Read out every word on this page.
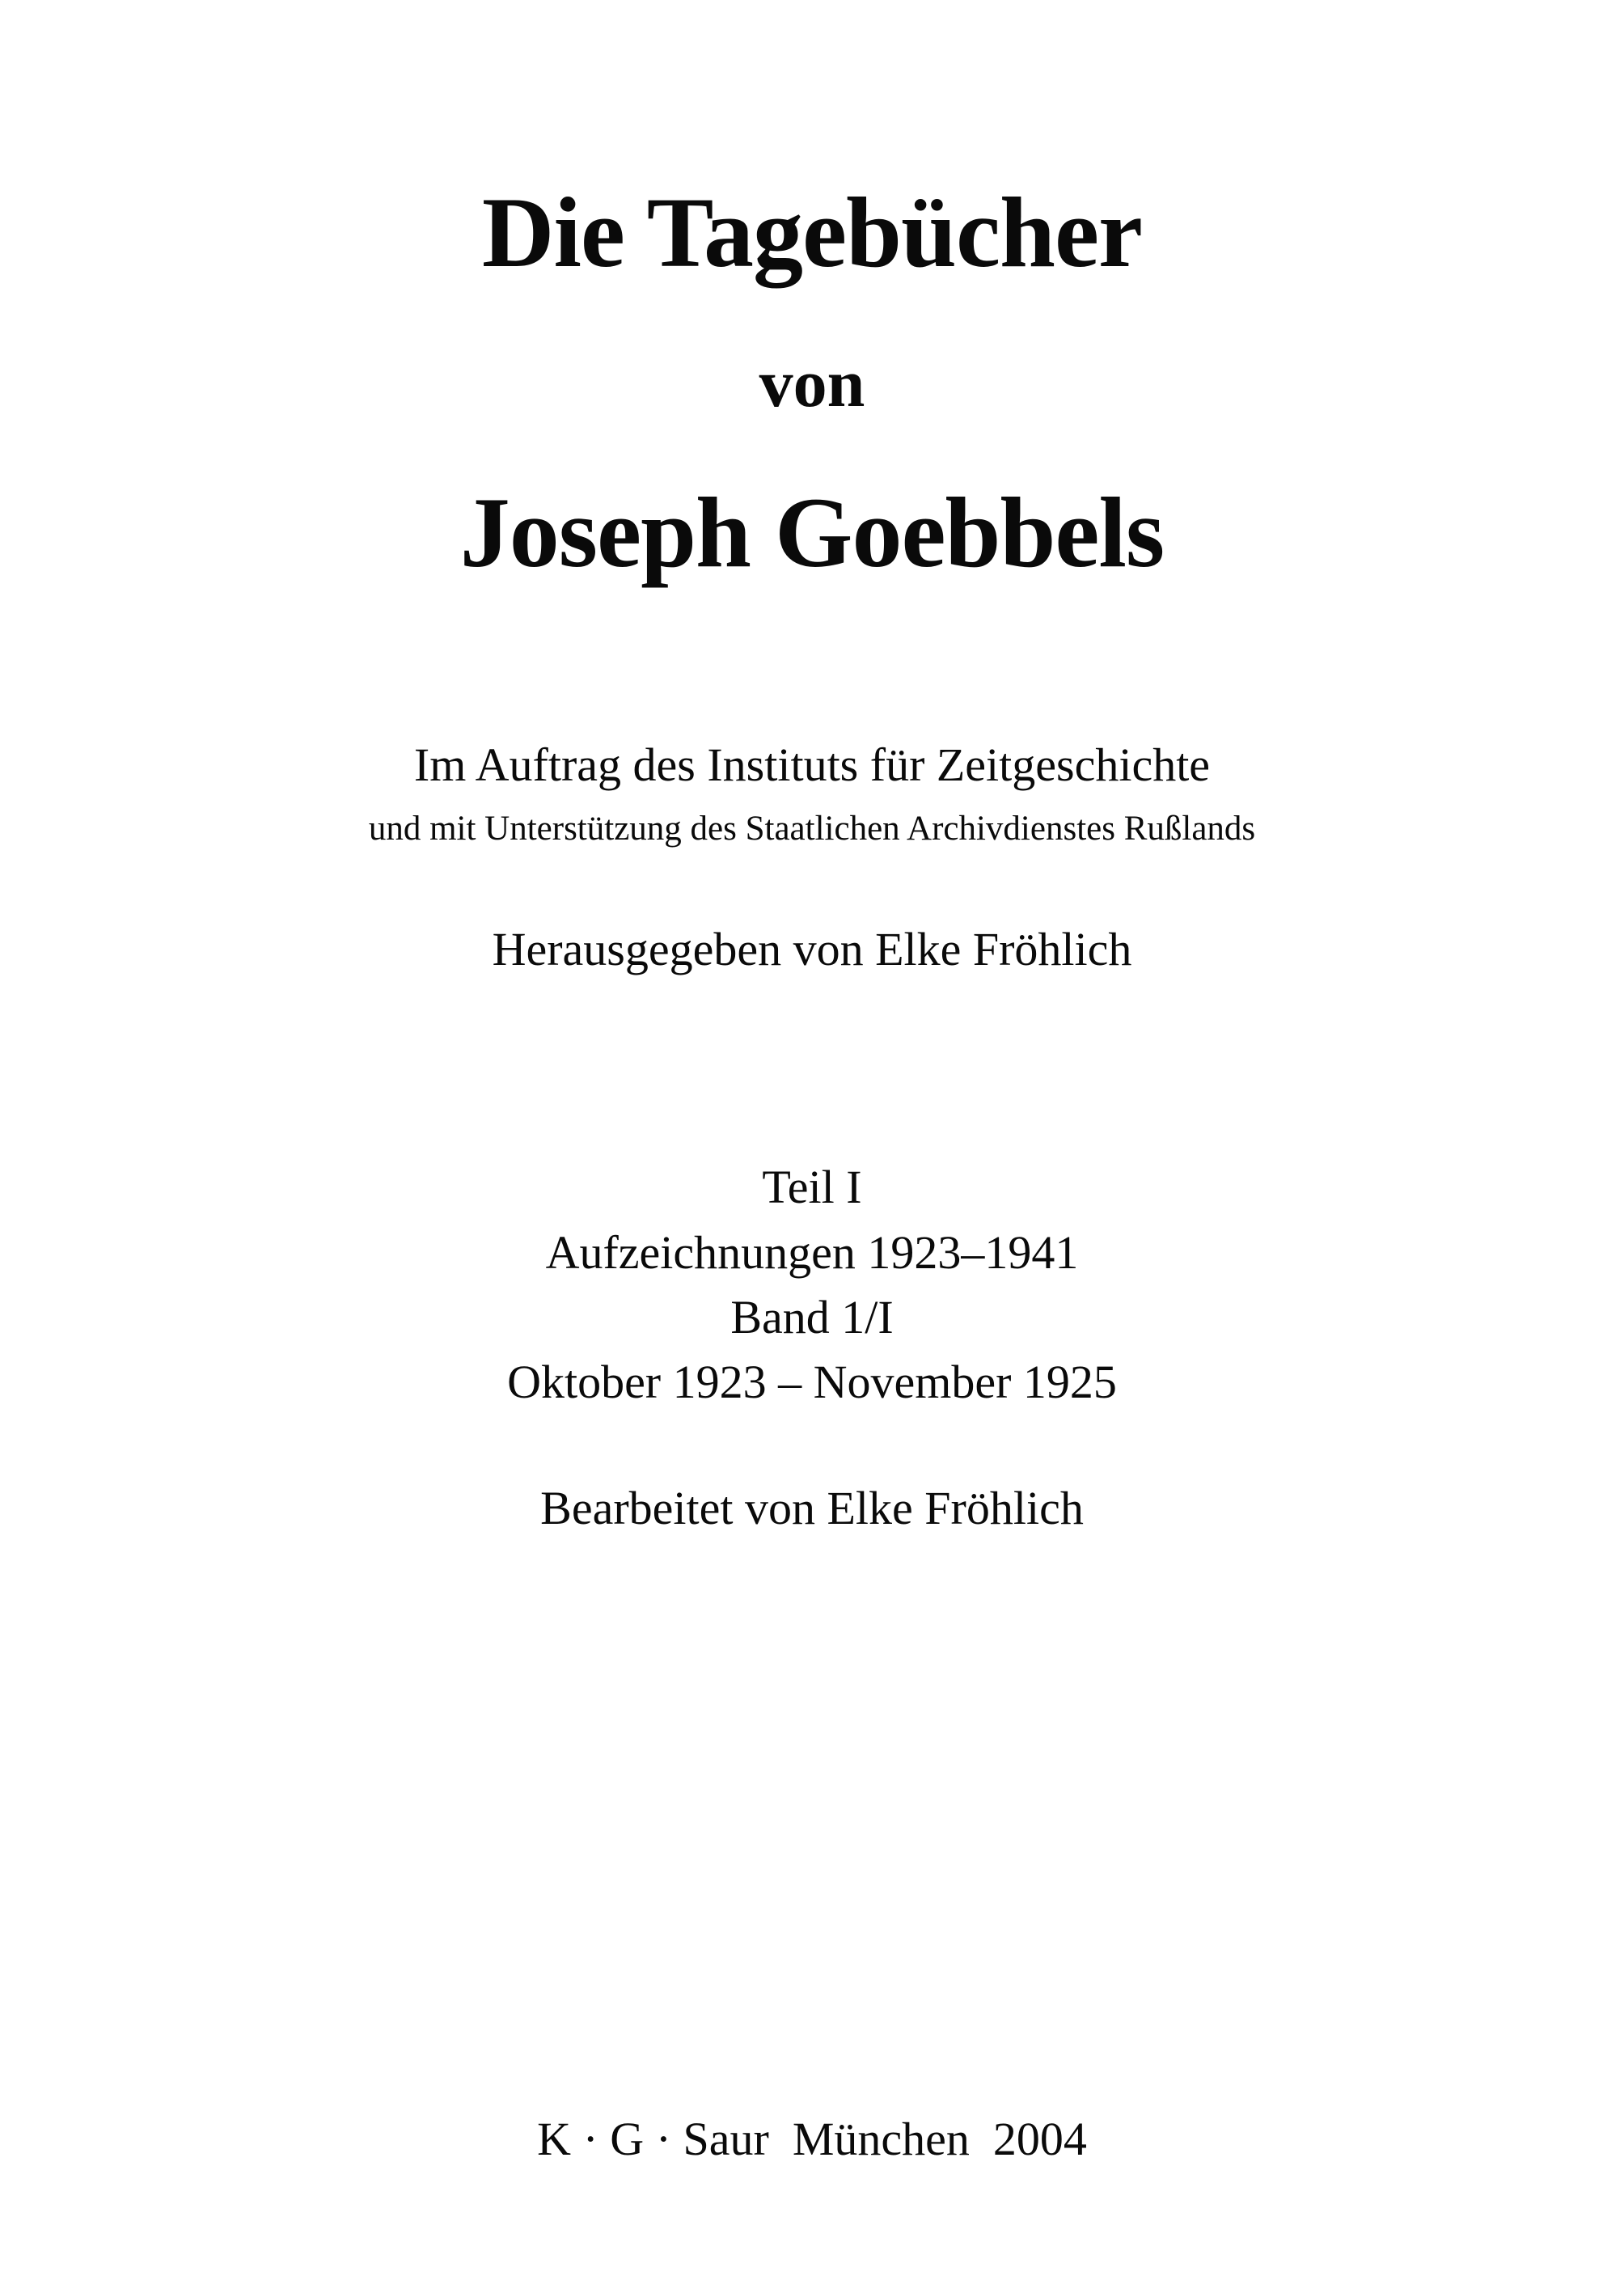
Die Tagebücher
von
Joseph Goebbels
Im Auftrag des Instituts für Zeitgeschichte
und mit Unterstützung des Staatlichen Archivdienstes Rußlands
Herausgegeben von Elke Fröhlich
Teil I
Aufzeichnungen 1923–1941
Band 1/I
Oktober 1923 – November 1925
Bearbeitet von Elke Fröhlich
K · G · Saur  München  2004
